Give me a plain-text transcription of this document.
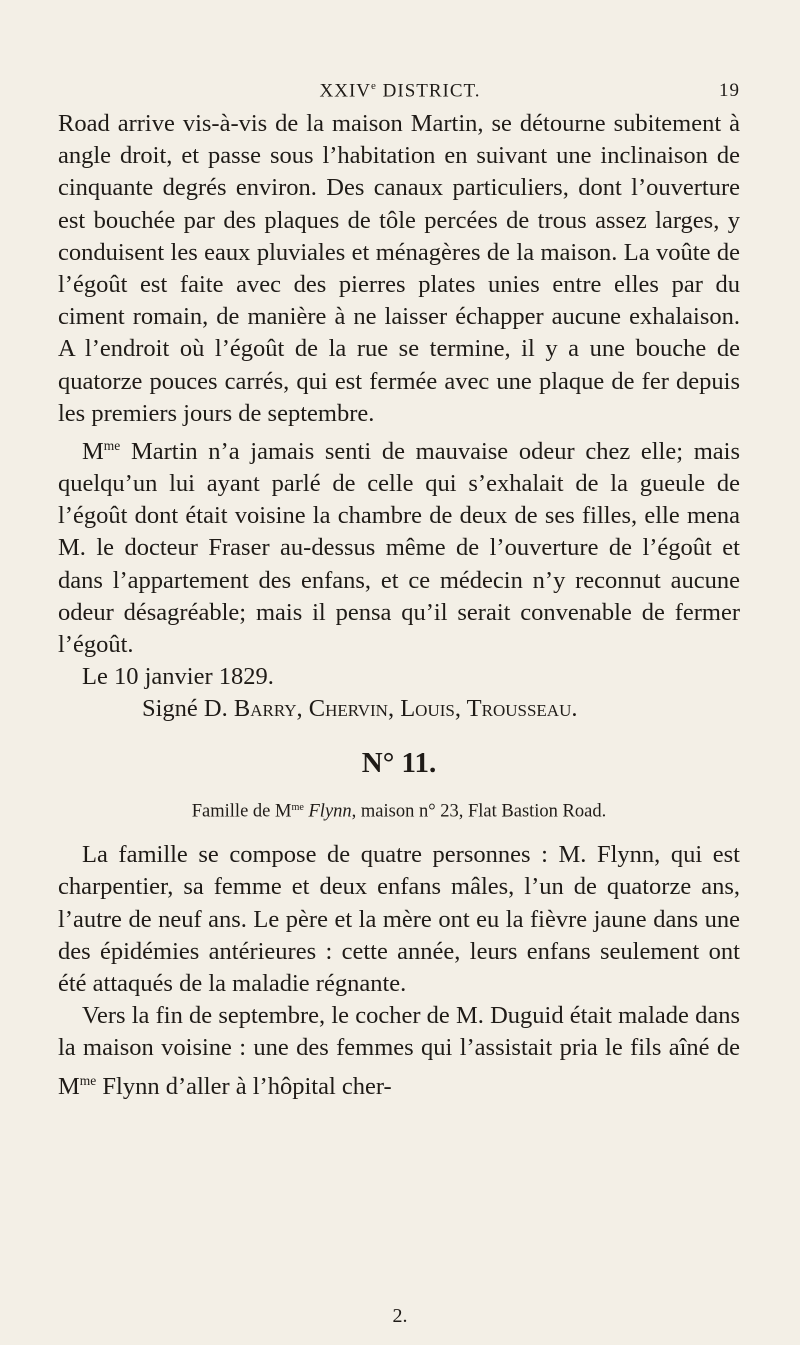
XXIVe DISTRICT.	19

Road arrive vis-à-vis de la maison Martin, se détourne subitement à angle droit, et passe sous l’habitation en suivant une inclinaison de cinquante degrés environ. Des canaux particuliers, dont l’ouverture est bouchée par des plaques de tôle percées de trous assez larges, y conduisent les eaux pluviales et ménagères de la maison. La voûte de l’égoût est faite avec des pierres plates unies entre elles par du ciment romain, de manière à ne laisser échapper aucune exhalaison. A l’endroit où l’égoût de la rue se termine, il y a une bouche de quatorze pouces carrés, qui est fermée avec une plaque de fer depuis les premiers jours de septembre.

$M^{me}$ Martin n’a jamais senti de mauvaise odeur chez elle; mais quelqu’un lui ayant parlé de celle qui s’exhalait de la gueule de l’égoût dont était voisine la chambre de deux de ses filles, elle mena M. le docteur Fraser au-dessus même de l’ouverture de l’égoût et dans l’appartement des enfans, et ce médecin n’y reconnut aucune odeur désagréable; mais il pensa qu’il serait convenable de fermer l’égoût.

Le 10 janvier 1829.

Signé D. Barry, Chervin, Louis, Trousseau.

N° 11.
Famille de $M^{me}$ Flynn, maison n° 23, Flat Bastion Road.

La famille se compose de quatre personnes : M. Flynn, qui est charpentier, sa femme et deux enfans mâles, l’un de quatorze ans, l’autre de neuf ans. Le père et la mère ont eu la fièvre jaune dans une des épidémies antérieures : cette année, leurs enfans seulement ont été attaqués de la maladie régnante.

Vers la fin de septembre, le cocher de M. Duguid était malade dans la maison voisine : une des femmes qui l’assistait pria le fils aîné de $M^{me}$ Flynn d’aller à l’hôpital cher-

2.
